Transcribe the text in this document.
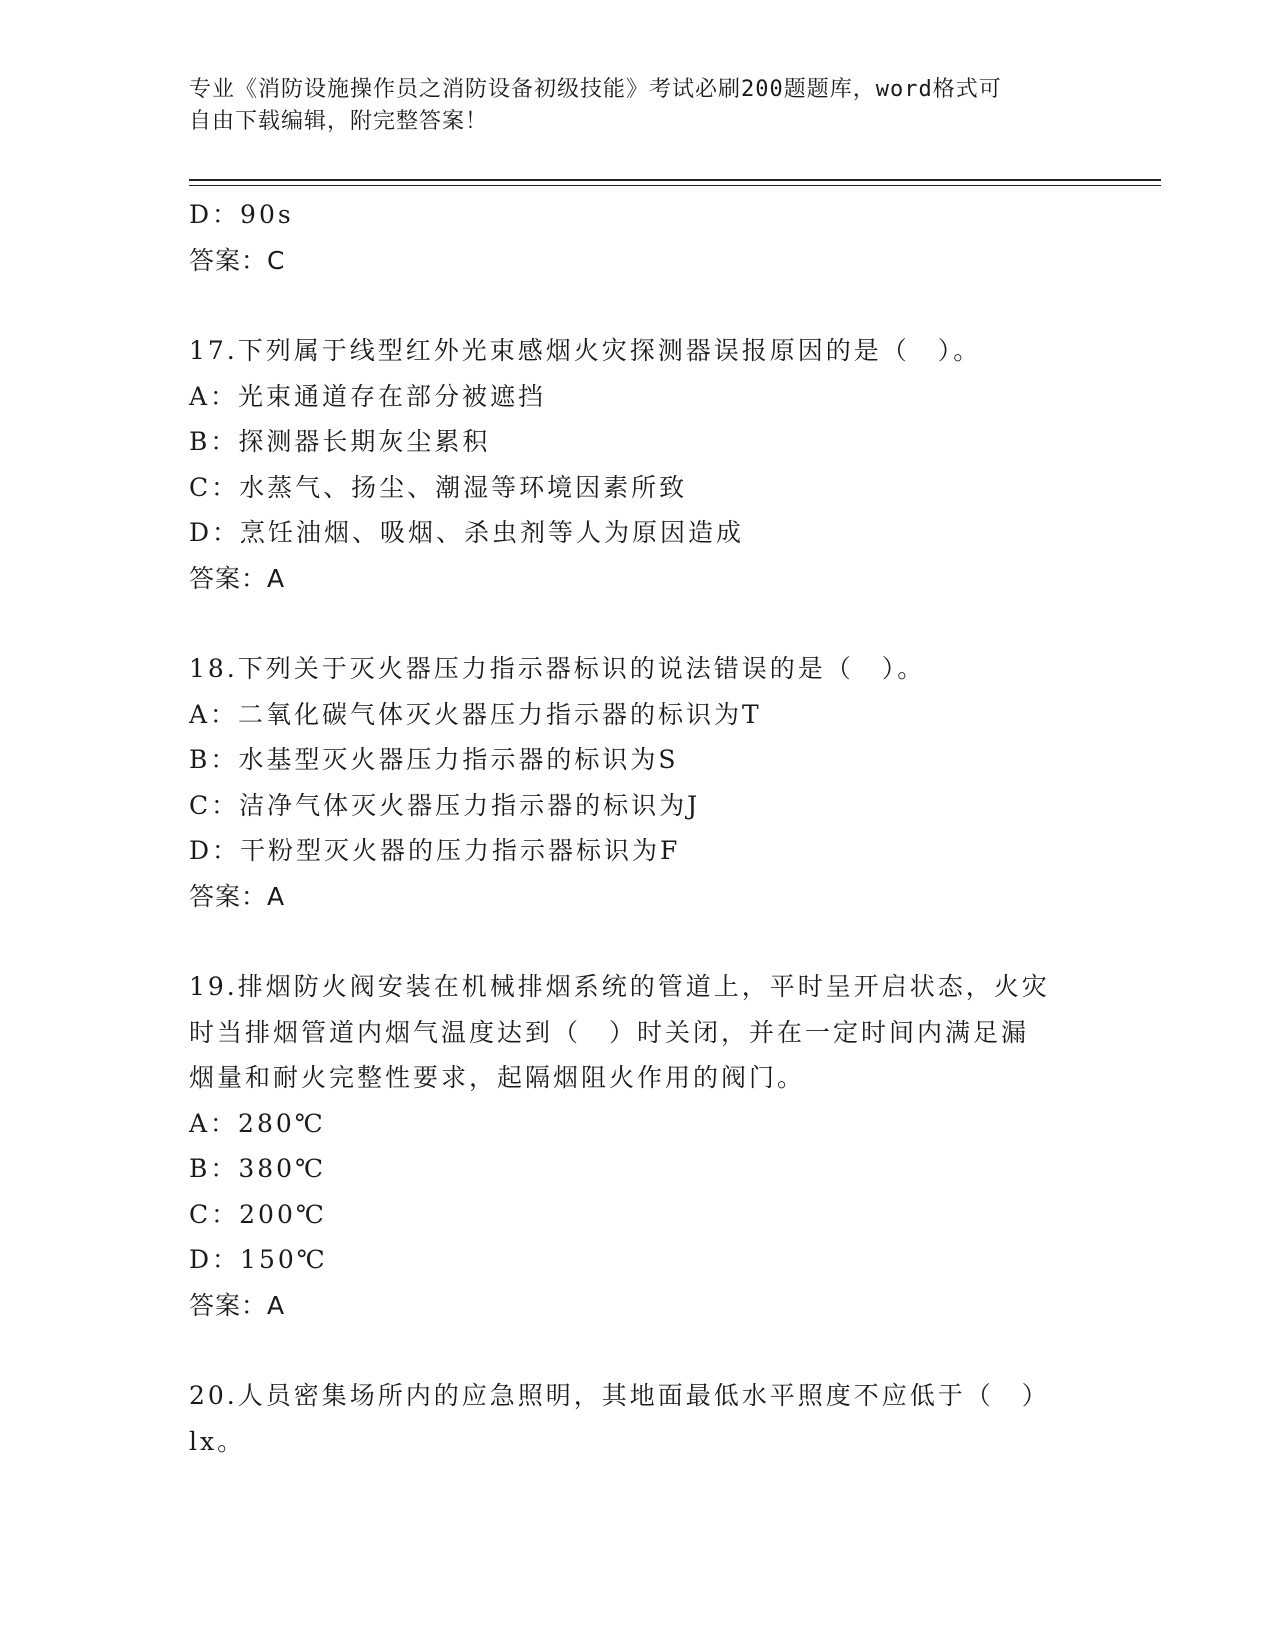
专业《消防设施操作员之消防设备初级技能》考试必刷200题题库，word格式可
自由下载编辑，附完整答案！
D：90s
答案：C
17.下列属于线型红外光束感烟火灾探测器误报原因的是（　）。
A：光束通道存在部分被遮挡
B：探测器长期灰尘累积
C：水蒸气、扬尘、潮湿等环境因素所致
D：烹饪油烟、吸烟、杀虫剂等人为原因造成
答案：A
18.下列关于灭火器压力指示器标识的说法错误的是（　）。
A：二氧化碳气体灭火器压力指示器的标识为T
B：水基型灭火器压力指示器的标识为S
C：洁净气体灭火器压力指示器的标识为J
D：干粉型灭火器的压力指示器标识为F
答案：A
19.排烟防火阀安装在机械排烟系统的管道上，平时呈开启状态，火灾
时当排烟管道内烟气温度达到（　）时关闭，并在一定时间内满足漏
烟量和耐火完整性要求，起隔烟阻火作用的阀门。
A：280℃
B：380℃
C：200℃
D：150℃
答案：A
20.人员密集场所内的应急照明，其地面最低水平照度不应低于（　）
lx。
